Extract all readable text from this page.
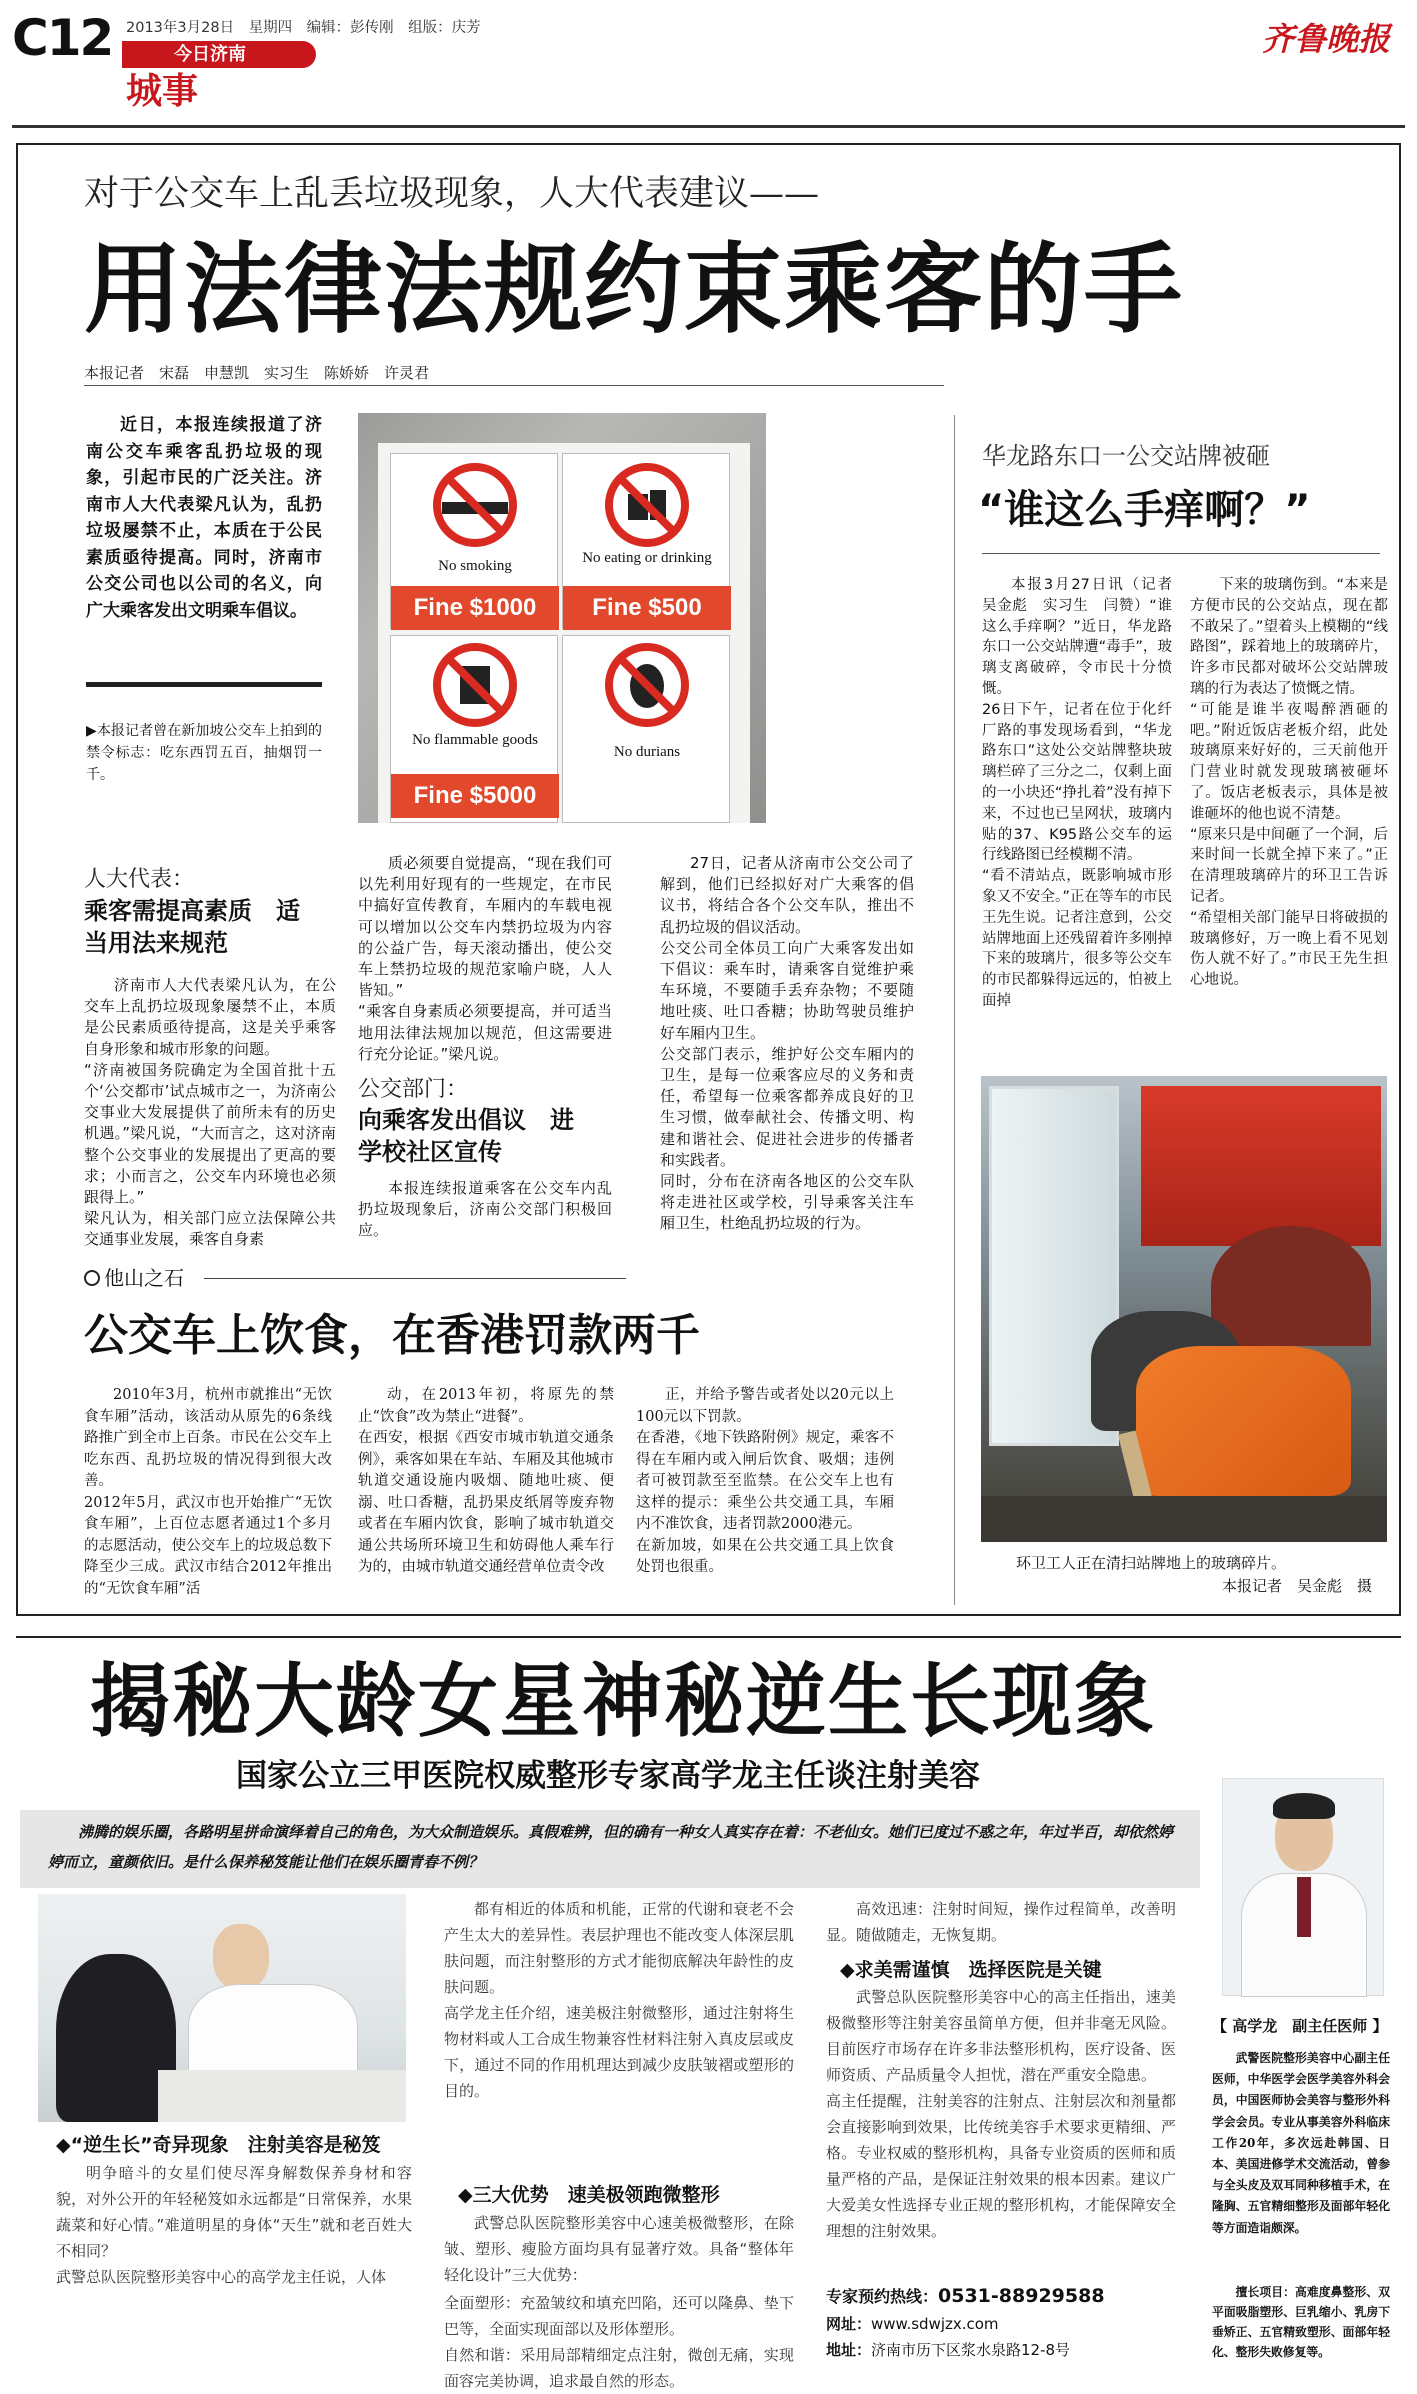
C12 2013年3月28日　星期四　编辑：彭传刚　组版：庆芳
今日济南
城事
齐鲁晚报
对于公交车上乱丢垃圾现象，人大代表建议——
用法律法规约束乘客的手
本报记者　宋磊　申慧凯　实习生　陈娇娇　许灵君
近日，本报连续报道了济南公交车乘客乱扔垃圾的现象，引起市民的广泛关注。济南市人大代表梁凡认为，乱扔垃圾屡禁不止，本质在于公民素质亟待提高。同时，济南市公交公司也以公司的名义，向广大乘客发出文明乘车倡议。
▶本报记者曾在新加坡公交车上拍到的禁令标志：吃东西罚五百，抽烟罚一千。
No smoking
Fine $1000
No eating or drinking
Fine $500
No flammable goods
Fine $5000
No durians
人大代表：
乘客需提高素质　适当用法来规范
济南市人大代表梁凡认为，在公交车上乱扔垃圾现象屡禁不止，本质是公民素质亟待提高，这是关乎乘客自身形象和城市形象的问题。
“济南被国务院确定为全国首批十五个‘公交都市’试点城市之一，为济南公交事业大发展提供了前所未有的历史机遇。”梁凡说，“大而言之，这对济南整个公交事业的发展提出了更高的要求；小而言之，公交车内环境也必须跟得上。”
梁凡认为，相关部门应立法保障公共交通事业发展，乘客自身素
质必须要自觉提高，“现在我们可以先利用好现有的一些规定，在市民中搞好宣传教育，车厢内的车载电视可以增加以公交车内禁扔垃圾为内容的公益广告，每天滚动播出，使公交车上禁扔垃圾的规范家喻户晓，人人皆知。”
“乘客自身素质必须要提高，并可适当地用法律法规加以规范，但这需要进行充分论证。”梁凡说。
公交部门：
向乘客发出倡议　进学校社区宣传
本报连续报道乘客在公交车内乱扔垃圾现象后，济南公交部门积极回应。
27日，记者从济南市公交公司了解到，他们已经拟好对广大乘客的倡议书，将结合各个公交车队，推出不乱扔垃圾的倡议活动。
公交公司全体员工向广大乘客发出如下倡议：乘车时，请乘客自觉维护乘车环境，不要随手丢弃杂物；不要随地吐痰、吐口香糖；协助驾驶员维护好车厢内卫生。
公交部门表示，维护好公交车厢内的卫生，是每一位乘客应尽的义务和责任，希望每一位乘客都养成良好的卫生习惯，做奉献社会、传播文明、构建和谐社会、促进社会进步的传播者和实践者。
同时，分布在济南各地区的公交车队将走进社区或学校，引导乘客关注车厢卫生，杜绝乱扔垃圾的行为。
华龙路东口一公交站牌被砸
“谁这么手痒啊？”
本报3月27日讯（记者　吴金彪　实习生　闫赞）“谁这么手痒啊？”近日，华龙路东口一公交站牌遭“毒手”，玻璃支离破碎，令市民十分愤慨。
26日下午，记者在位于化纤厂路的事发现场看到，“华龙路东口”这处公交站牌整块玻璃栏碎了三分之二，仅剩上面的一小块还“挣扎着”没有掉下来，不过也已呈网状，玻璃内贴的37、K95路公交车的运行线路图已经模糊不清。
“看不清站点，既影响城市形象又不安全。”正在等车的市民王先生说。记者注意到，公交站牌地面上还残留着许多刚掉下来的玻璃片，很多等公交车的市民都躲得远远的，怕被上面掉
下来的玻璃伤到。“本来是方便市民的公交站点，现在都不敢呆了。”望着头上模糊的“线路图”，踩着地上的玻璃碎片，许多市民都对破坏公交站牌玻璃的行为表达了愤慨之情。
“可能是谁半夜喝醉酒砸的吧。”附近饭店老板介绍，此处玻璃原来好好的，三天前他开门营业时就发现玻璃被砸坏了。饭店老板表示，具体是被谁砸坏的他也说不清楚。
“原来只是中间砸了一个洞，后来时间一长就全掉下来了。”正在清理玻璃碎片的环卫工告诉记者。
“希望相关部门能早日将破损的玻璃修好，万一晚上看不见划伤人就不好了。”市民王先生担心地说。
环卫工人正在清扫站牌地上的玻璃碎片。
本报记者　吴金彪　摄
他山之石
公交车上饮食，在香港罚款两千
2010年3月，杭州市就推出“无饮食车厢”活动，该活动从原先的6条线路推广到全市上百条。市民在公交车上吃东西、乱扔垃圾的情况得到很大改善。
2012年5月，武汉市也开始推广“无饮食车厢”，上百位志愿者通过1个多月的志愿活动，使公交车上的垃圾总数下降至少三成。武汉市结合2012年推出的“无饮食车厢”活
动，在2013年初，将原先的禁止“饮食”改为禁止“进餐”。
在西安，根据《西安市城市轨道交通条例》，乘客如果在车站、车厢及其他城市轨道交通设施内吸烟、随地吐痰、便溺、吐口香糖，乱扔果皮纸屑等废弃物或者在车厢内饮食，影响了城市轨道交通公共场所环境卫生和妨碍他人乘车行为的，由城市轨道交通经营单位责令改
正，并给予警告或者处以20元以上100元以下罚款。
在香港，《地下铁路附例》规定，乘客不得在车厢内或入闸后饮食、吸烟；违例者可被罚款至至监禁。在公交车上也有这样的提示：乘坐公共交通工具，车厢内不准饮食，违者罚款2000港元。
在新加坡，如果在公共交通工具上饮食处罚也很重。
揭秘大龄女星神秘逆生长现象
国家公立三甲医院权威整形专家高学龙主任谈注射美容
沸腾的娱乐圈，各路明星拼命演绎着自己的角色，为大众制造娱乐。真假难辨，但的确有一种女人真实存在着：不老仙女。她们已度过不惑之年，年过半百，却依然婷婷而立，童颜依旧。是什么保养秘笈能让他们在娱乐圈青春不例？
◆“逆生长”奇异现象　注射美容是秘笈
明争暗斗的女星们使尽浑身解数保养身材和容貌，对外公开的年轻秘笈如永远都是“日常保养，水果蔬菜和好心情。”难道明星的身体“天生”就和老百姓大不相同？
武警总队医院整形美容中心的高学龙主任说，人体
都有相近的体质和机能，正常的代谢和衰老不会产生太大的差异性。表层护理也不能改变人体深层肌肤问题，而注射整形的方式才能彻底解决年龄性的皮肤问题。
高学龙主任介绍，速美极注射微整形，通过注射将生物材料或人工合成生物兼容性材料注射入真皮层或皮下，通过不同的作用机理达到减少皮肤皱褶或塑形的目的。
◆三大优势　速美极领跑微整形
武警总队医院整形美容中心速美极微整形，在除皱、塑形、瘦脸方面均具有显著疗效。具备“整体年轻化设计”三大优势：
全面塑形：充盈皱纹和填充凹陷，还可以隆鼻、垫下巴等，全面实现面部以及形体塑形。
自然和谐：采用局部精细定点注射，微创无痛，实现面容完美协调，追求最自然的形态。
高效迅速：注射时间短，操作过程简单，改善明显。随做随走，无恢复期。
◆求美需谨慎　选择医院是关键
武警总队医院整形美容中心的高主任指出，速美极微整形等注射美容虽简单方便，但并非毫无风险。目前医疗市场存在许多非法整形机构，医疗设备、医师资质、产品质量令人担忧，潜在严重安全隐患。
高主任提醒，注射美容的注射点、注射层次和剂量都会直接影响到效果，比传统美容手术要求更精细、严格。专业权威的整形机构，具备专业资质的医师和质量严格的产品，是保证注射效果的根本因素。建议广大爱美女性选择专业正规的整形机构，才能保障安全理想的注射效果。
专家预约热线：0531-88929588
网址：www.sdwjzx.com
地址：济南市历下区浆水泉路12-8号
【 高学龙　副主任医师 】
武警医院整形美容中心副主任医师，中华医学会医学美容外科会员，中国医师协会美容与整形外科学会会员。专业从事美容外科临床工作20年，多次远赴韩国、日本、美国进修学术交流活动，曾参与全头皮及双耳同种移植手术，在隆胸、五官精细整形及面部年轻化等方面造诣颇深。
擅长项目：高难度鼻整形、双平面吸脂塑形、巨乳缩小、乳房下垂矫正、五官精致塑形、面部年轻化、整形失败修复等。
